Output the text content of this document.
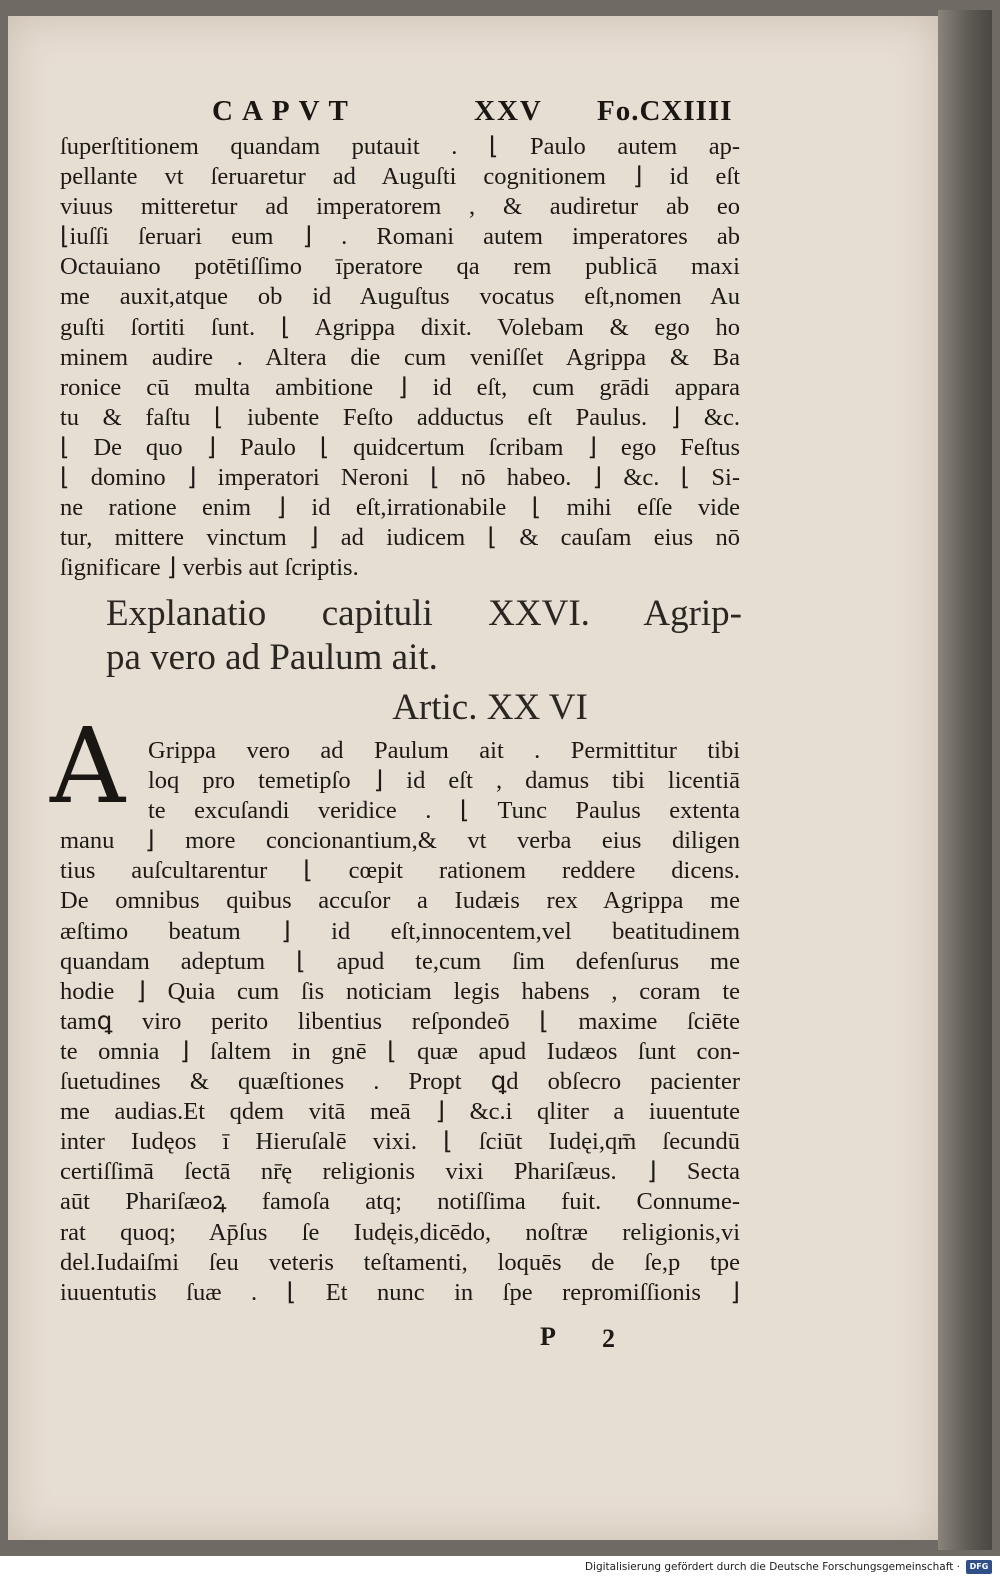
CAPVT	XXV Fo.CXIIII
ſuperſtitionem quandam putauit . ⌊ Paulo autem ap-
pellante vt ſeruaretur ad Auguſti cognitionem ⌋ id eſt
viuus mitteretur ad imperatorem , & audiretur ab eo
⌊iuſſi ſeruari eum ⌋ . Romani autem imperatores ab
Octauiano potētiſſimo īperatore qa rem publicā maxi
me auxit,atque ob id Auguſtus vocatus eſt,nomen Au
guſti ſortiti ſunt. ⌊ Agrippa dixit. Volebam & ego ho
minem audire . Altera die cum veniſſet Agrippa & Ba
ronice cū multa ambitione ⌋ id eſt, cum grādi appara
tu & faſtu ⌊ iubente Feſto adductus eſt Paulus. ⌋ &c.
⌊ De quo ⌋ Paulo ⌊ quidcertum ſcribam ⌋ ego Feſtus
⌊ domino ⌋ imperatori Neroni ⌊ nō habeo. ⌋ &c. ⌊ Si-
ne ratione enim ⌋ id eſt,irrationabile ⌊ mihi eſſe vide
tur, mittere vinctum ⌋ ad iudicem ⌊ & cauſam eius nō
ſignificare ⌋ verbis aut ſcriptis.
Explanatio capituli XXVI. Agrip-
pa vero ad Paulum ait.
Artic. XX VI
A Grippa vero ad Paulum ait . Permittitur tibi
loq pro temetipſo ⌋ id eſt , damus tibi licentiā
te excuſandi veridice . ⌊ Tunc Paulus extenta
manu ⌋ more concionantium,& vt verba eius diligen
tius auſcultarentur ⌊ cœpit rationem reddere dicens.
De omnibus quibus accuſor a Iudæis rex Agrippa me
æſtimo beatum ⌋ id eſt,innocentem,vel beatitudinem
quandam adeptum ⌊ apud te,cum ſim defenſurus me
hodie ⌋ Quia cum ſis noticiam legis habens , coram te
tamꝗ viro perito libentius reſpondeō ⌊ maxime ſciēte
te omnia ⌋ ſaltem in gnē ⌊ quæ apud Iudæos ſunt con-
ſuetudines & quæſtiones . Propt ꝗd obſecro pacienter
me audias.Et qdem vitā meā ⌋ &c.i qliter a iuuentute
inter Iudęos ī Hieruſalē vixi. ⌊ ſciūt Iudęi,qm̄ ſecundū
certiſſimā ſectā nr̄ę religionis vixi Phariſæus. ⌋ Secta
aūt Phariſæoꝝ famoſa atq; notiſſima fuit. Connume-
rat quoq; Ap̄ſus ſe Iudęis,dicēdo, noſtræ religionis,vi
del.Iudaiſmi ſeu veteris teſtamenti, loquēs de ſe,p tpe
iuuentutis ſuæ . ⌊ Et nunc in ſpe repromiſſionis ⌋
P 2
Digitalisierung gefördert durch die Deutsche Forschungsgemeinschaft ·	DFG
